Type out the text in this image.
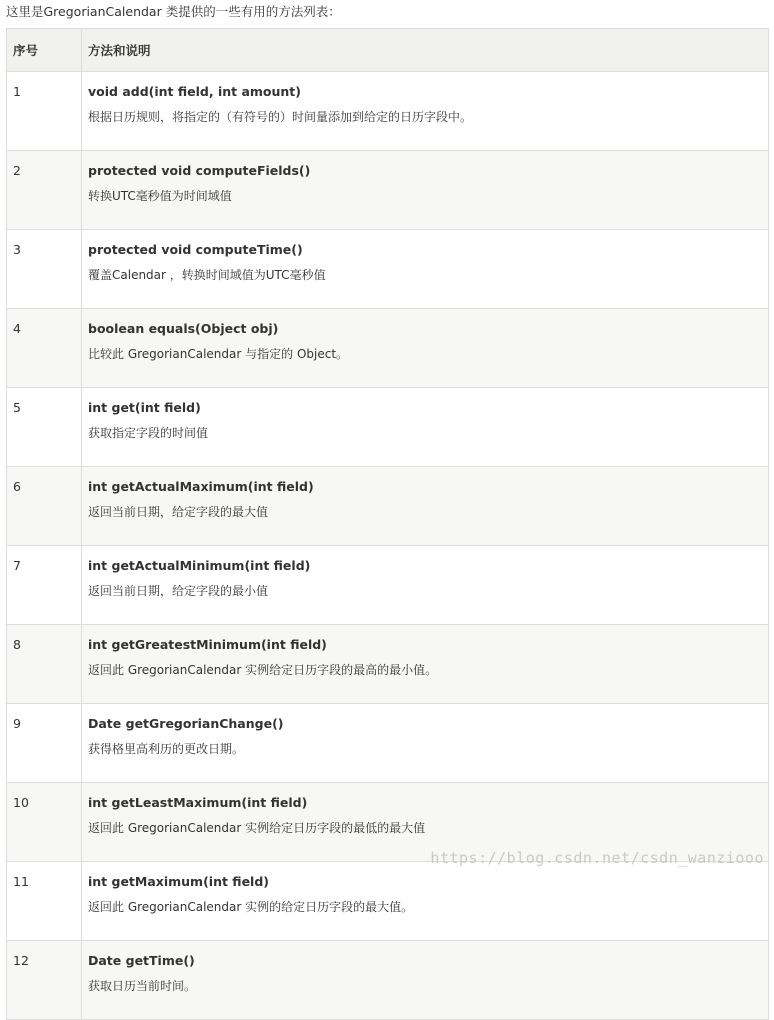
这里是GregorianCalendar 类提供的一些有用的方法列表：
序号	方法和说明
1	void add(int field, int amount)
根据日历规则，将指定的（有符号的）时间量添加到给定的日历字段中。

2	protected void computeFields()
转换UTC毫秒值为时间域值

3	protected void computeTime()
覆盖Calendar ，转换时间域值为UTC毫秒值

4	boolean equals(Object obj)
比较此 GregorianCalendar 与指定的 Object。

5	int get(int field)
获取指定字段的时间值

6	int getActualMaximum(int field)
返回当前日期，给定字段的最大值

7	int getActualMinimum(int field)
返回当前日期，给定字段的最小值

8	int getGreatestMinimum(int field)
返回此 GregorianCalendar 实例给定日历字段的最高的最小值。

9	Date getGregorianChange()
获得格里高利历的更改日期。

10	int getLeastMaximum(int field)
返回此 GregorianCalendar 实例给定日历字段的最低的最大值

11	int getMaximum(int field)
返回此 GregorianCalendar 实例的给定日历字段的最大值。

12	Date getTime()
获取日历当前时间。
https://blog.csdn.net/csdn_wanziooo
